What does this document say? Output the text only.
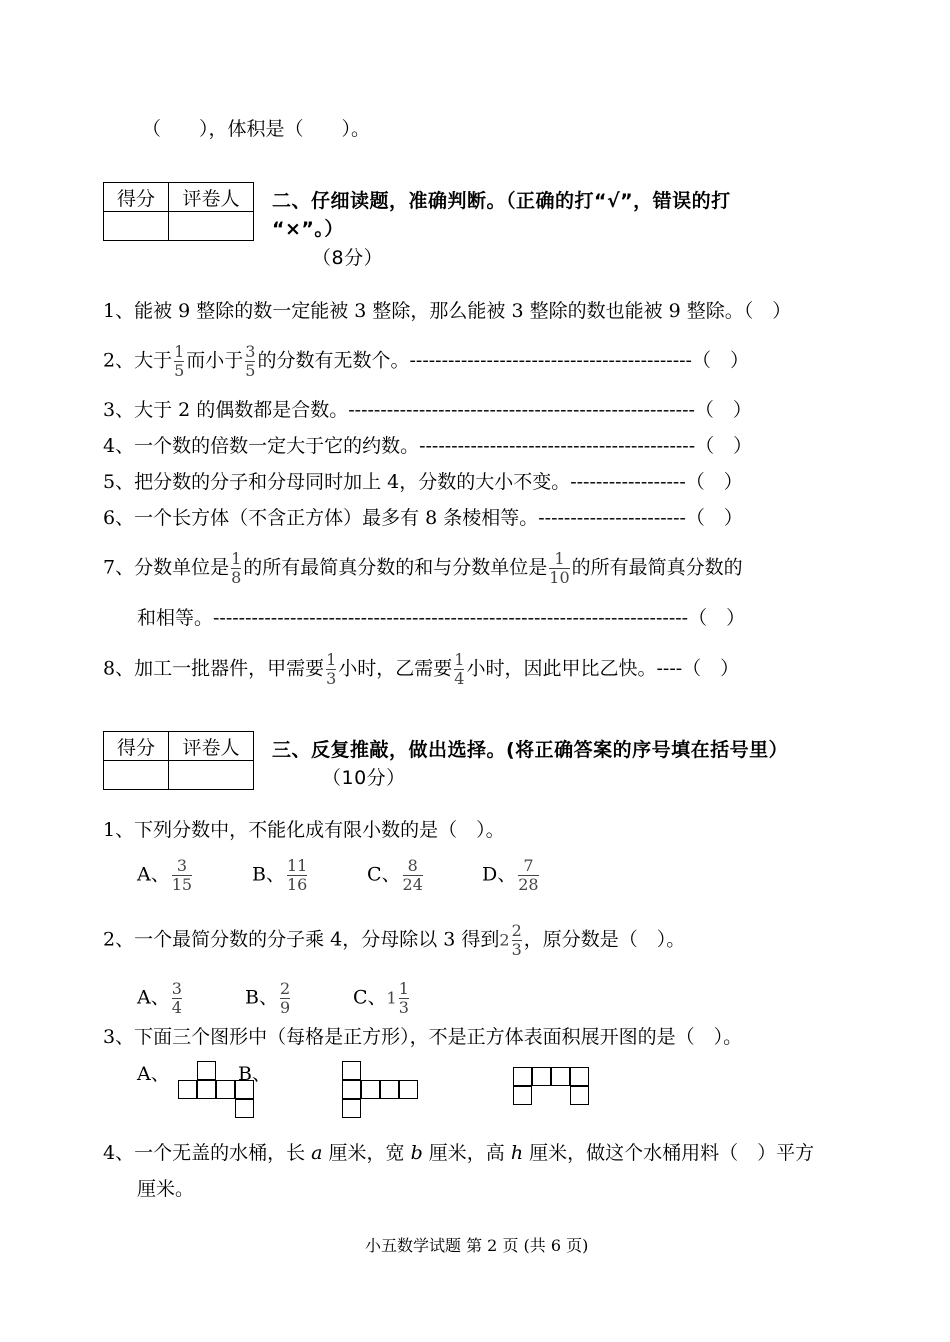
（　　），体积是（　　）。
得分	评卷人
	二、仔细读题，准确判断。（正确的打“√”，错误的打
“×”。）
（8分）
1、能被 9 整除的数一定能被 3 整除，那么能被 3 整除的数也能被 9 整除。（　）
2、大于 $\frac{1}{5}$ 而小于 $\frac{3}{5}$ 的分数有无数个。--------------------------------------------（　）
3、大于 2 的偶数都是合数。------------------------------------------------------（　）
4、一个数的倍数一定大于它的约数。-------------------------------------------（　）
5、把分数的分子和分母同时加上 4，分数的大小不变。------------------（　）
6、一个长方体（不含正方体）最多有 8 条棱相等。-----------------------（　）
7、分数单位是 $\frac{1}{8}$ 的所有最简真分数的和与分数单位是 $\frac{1}{10}$ 的所有最简真分数的
和相等。--------------------------------------------------------------------------（　）
8、加工一批器件，甲需要 $\frac{1}{3}$ 小时，乙需要 $\frac{1}{4}$ 小时，因此甲比乙快。----（　）
得分	评卷人
	三、反复推敲，做出选择。(将正确答案的序号填在括号里）
（10分）
1、下列分数中，不能化成有限小数的是（　）。
A、 $\frac{3}{15}$	B、 $\frac{11}{16}$	C、 $\frac{8}{24}$	D、 $\frac{7}{28}$
2、一个最简分数的分子乘 4，分母除以 3 得到$2 \frac{2}{3}$ ，原分数是（　）。
A、 $\frac{3}{4}$	B、 $\frac{2}{9}$	C、$1 \frac{1}{3}$
3、下面三个图形中（每格是正方形），不是正方体表面积展开图的是（　）。
A、	B、
4、一个无盖的水桶，长 a 厘米，宽 b 厘米，高 h 厘米，做这个水桶用料（　）平方
厘米。
小五数学试题 第 2 页 (共 6 页)
